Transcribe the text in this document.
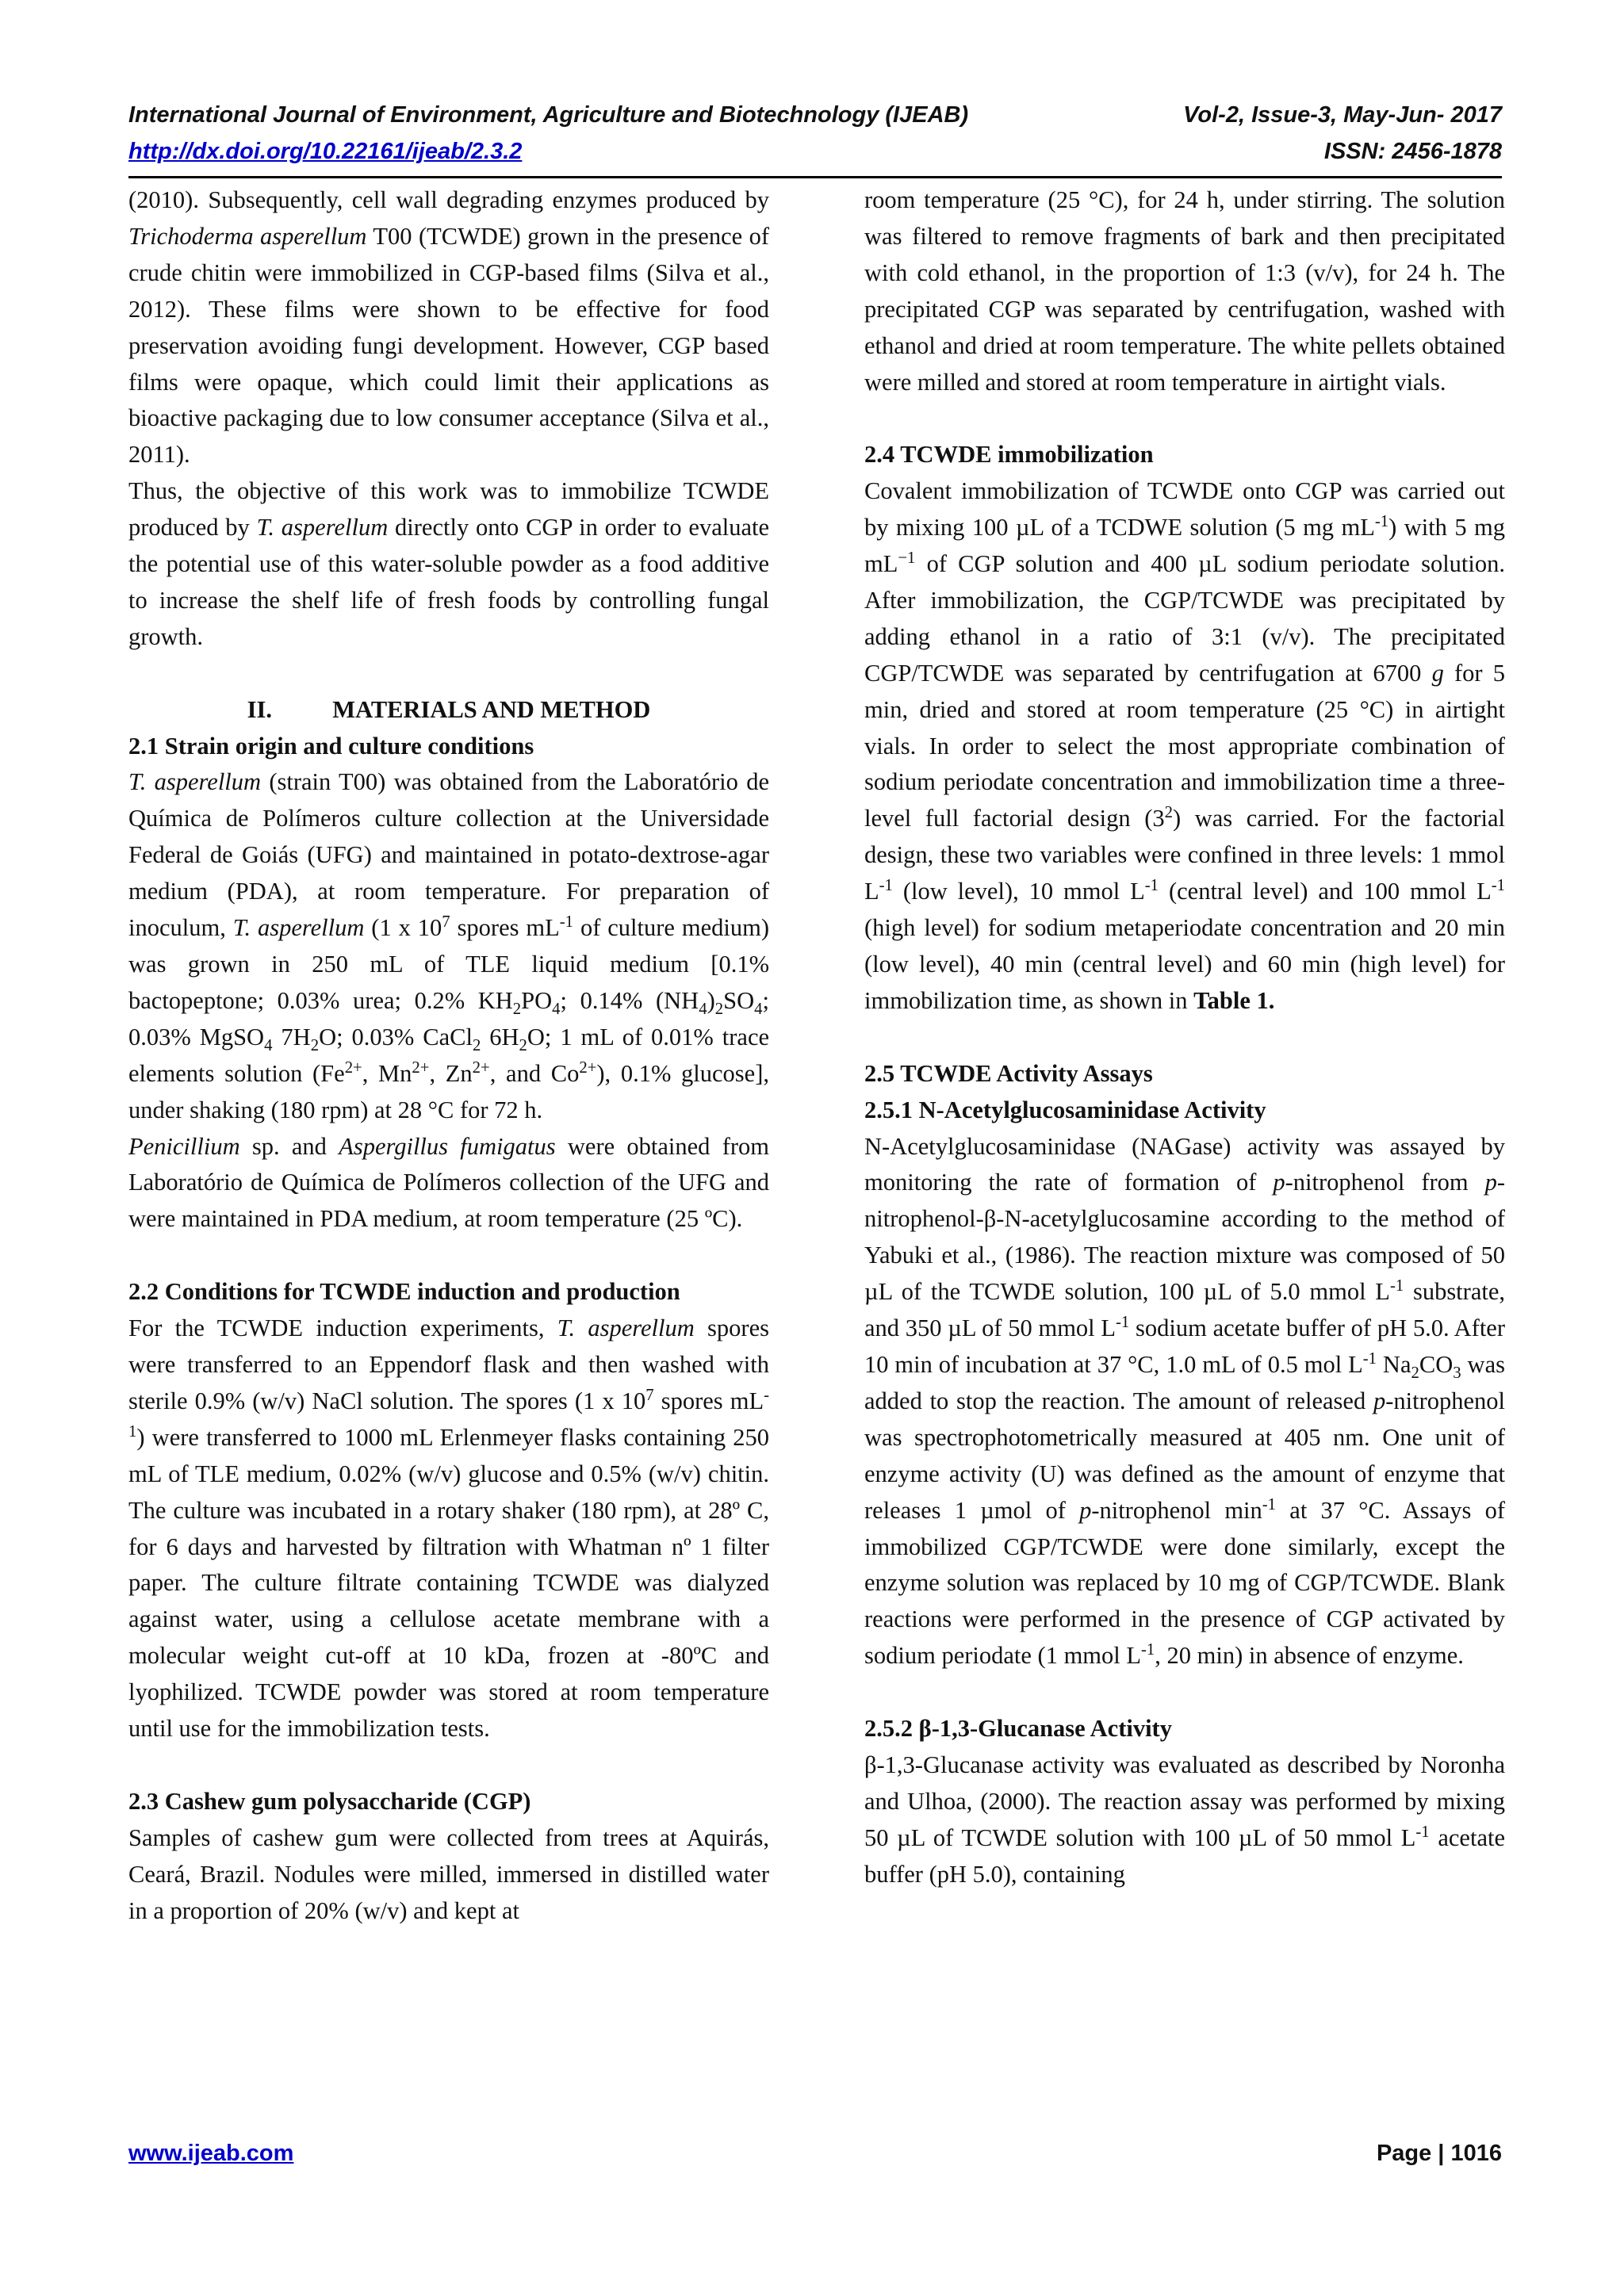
International Journal of Environment, Agriculture and Biotechnology (IJEAB)	Vol-2, Issue-3, May-Jun- 2017
http://dx.doi.org/10.22161/ijeab/2.3.2	ISSN: 2456-1878

(2010). Subsequently, cell wall degrading enzymes produced by Trichoderma asperellum T00 (TCWDE) grown in the presence of crude chitin were immobilized in CGP-based films (Silva et al., 2012). These films were shown to be effective for food preservation avoiding fungi development. However, CGP based films were opaque, which could limit their applications as bioactive packaging due to low consumer acceptance (Silva et al., 2011).

Thus, the objective of this work was to immobilize TCWDE produced by T. asperellum directly onto CGP in order to evaluate the potential use of this water-soluble powder as a food additive to increase the shelf life of fresh foods by controlling fungal growth.

II.	MATERIALS AND METHOD
2.1 Strain origin and culture conditions

T. asperellum (strain T00) was obtained from the Laboratório de Química de Polímeros culture collection at the Universidade Federal de Goiás (UFG) and maintained in potato-dextrose-agar medium (PDA), at room temperature. For preparation of inoculum, T. asperellum (1 x $10^7$ spores $mL^{-1}$ of culture medium) was grown in 250 mL of TLE liquid medium [0.1% bactopeptone; 0.03% urea; 0.2% $KH_2PO_4$; 0.14% $(NH_4)_2SO_4$; 0.03% MgSO$_4$ $7H_2O$; 0.03% CaCl$_2$ $6H_2O$; 1 mL of 0.01% trace elements solution ($Fe^{2+}$, $Mn^{2+}$, $Zn^{2+}$, and $Co^{2+}$), 0.1% glucose], under shaking (180 rpm) at 28 °C for 72 h.

Penicillium sp. and Aspergillus fumigatus were obtained from Laboratório de Química de Polímeros collection of the UFG and were maintained in PDA medium, at room temperature (25 ºC).

2.2 Conditions for TCWDE induction and production

For the TCWDE induction experiments, T. asperellum spores were transferred to an Eppendorf flask and then washed with sterile 0.9% (w/v) NaCl solution. The spores (1 x $10^7$ spores $mL^{-1}$) were transferred to 1000 mL Erlenmeyer flasks containing 250 mL of TLE medium, 0.02% (w/v) glucose and 0.5% (w/v) chitin. The culture was incubated in a rotary shaker (180 rpm), at 28º C, for 6 days and harvested by filtration with Whatman nº 1 filter paper. The culture filtrate containing TCWDE was dialyzed against water, using a cellulose acetate membrane with a molecular weight cut-off at 10 kDa, frozen at -80ºC and lyophilized. TCWDE powder was stored at room temperature until use for the immobilization tests.

2.3 Cashew gum polysaccharide (CGP)

Samples of cashew gum were collected from trees at Aquirás, Ceará, Brazil. Nodules were milled, immersed in distilled water in a proportion of 20% (w/v) and kept at

room temperature (25 °C), for 24 h, under stirring. The solution was filtered to remove fragments of bark and then precipitated with cold ethanol, in the proportion of 1:3 (v/v), for 24 h. The precipitated CGP was separated by centrifugation, washed with ethanol and dried at room temperature. The white pellets obtained were milled and stored at room temperature in airtight vials.

2.4 TCWDE immobilization

Covalent immobilization of TCWDE onto CGP was carried out by mixing 100 µL of a TCDWE solution (5 mg $mL^{-1}$) with 5 mg $mL^{-1}$ of CGP solution and 400 µL sodium periodate solution. After immobilization, the CGP/TCWDE was precipitated by adding ethanol in a ratio of 3:1 (v/v). The precipitated CGP/TCWDE was separated by centrifugation at 6700 g for 5 min, dried and stored at room temperature (25 °C) in airtight vials. In order to select the most appropriate combination of sodium periodate concentration and immobilization time a three-level full factorial design $(3^2)$ was carried. For the factorial design, these two variables were confined in three levels: 1 mmol $L^{-1}$ (low level), 10 mmol $L^{-1}$ (central level) and 100 mmol $L^{-1}$ (high level) for sodium metaperiodate concentration and 20 min (low level), 40 min (central level) and 60 min (high level) for immobilization time, as shown in Table 1.

2.5 TCWDE Activity Assays
2.5.1 N-Acetylglucosaminidase Activity

N-Acetylglucosaminidase (NAGase) activity was assayed by monitoring the rate of formation of p-nitrophenol from p-nitrophenol-β-N-acetylglucosamine according to the method of Yabuki et al., (1986). The reaction mixture was composed of 50 µL of the TCWDE solution, 100 µL of 5.0 mmol $L^{-1}$ substrate, and 350 µL of 50 mmol $L^{-1}$ sodium acetate buffer of pH 5.0. After 10 min of incubation at 37 °C, 1.0 mL of 0.5 mol $L^{-1}$ $Na_2CO_3$ was added to stop the reaction. The amount of released p-nitrophenol was spectrophotometrically measured at 405 nm. One unit of enzyme activity (U) was defined as the amount of enzyme that releases 1 µmol of p-nitrophenol $\min^{-1}$ at 37 °C. Assays of immobilized CGP/TCWDE were done similarly, except the enzyme solution was replaced by 10 mg of CGP/TCWDE. Blank reactions were performed in the presence of CGP activated by sodium periodate (1 mmol $L^{-1}$, 20 min) in absence of enzyme.

2.5.2 β-1,3-Glucanase Activity

β-1,3-Glucanase activity was evaluated as described by Noronha and Ulhoa, (2000). The reaction assay was performed by mixing 50 µL of TCWDE solution with 100 µL of 50 mmol $L^{-1}$ acetate buffer (pH 5.0), containing

www.ijeab.com	Page | 1016
